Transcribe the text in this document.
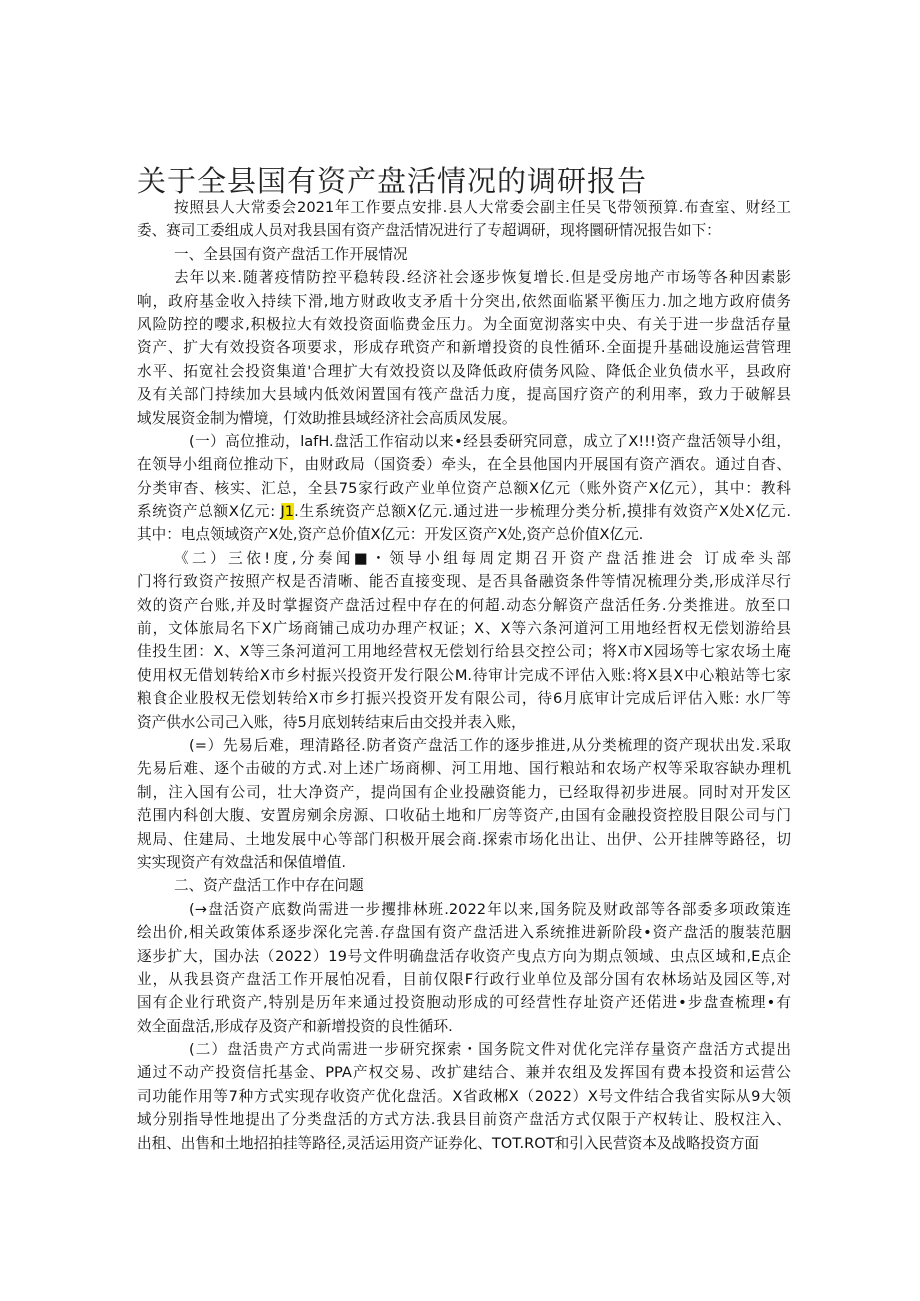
关于全县国有资产盘活情况的调研报告
按照县人大常委会2021年工作要点安排.县人大常委会副主任吴飞带领预算.布查室、财经工
委、赛司工委组成人员对我县国有资产盘活情况进行了专超调研，现将圜研情况报告如下：
一、全县国有资产盘活工作开展情况
去年以来.随著疫情防控平稳转段.经济社会逐步恢复增长.但是受房地产市场等各种因素影
响，政府基金收入持续下滑,地方财政收支矛盾十分突出,依然面临紧平衡压力.加之地方政府债务
风险防控的嘤求,积极拉大有效投资面临费金压力。为全面宽沏落实中央、有关于进一步盘活存量
资产、扩大有效投资各项要求，形成存玳资产和新增投资的良性循环.全面提升基础设施运营管理
水平、拓宽社会投资集道'合理扩大有效投资以及降低政府债务风险、降低企业负债水平，县政府
及有关部门持续加大县域内低效闲置国有筏产盘活力度，提高国疗资产的利用率，致力于破解县
域发展资金制为懵境，仃效助推县域经济社会高质凤发展。
(一）高位推动，lafH.盘活工作宿动以来•经县委研究同意，成立了X!!!资产盘活领导小组，
在领导小组商位推动下，由财政局（国资委）牵头，在全县他国内开展国有资产酒农。通过自杳、
分类审杳、核实、汇总，全县75家行政产业单位资产总额X亿元（账外资产X亿元），其中：教科
系统资产总额X亿元: J1.生系统资产总额X亿元.通过进一步梳理分类分析,摸排有效资产X处X亿元.
其中：电点领域资产X处,资产总价值X亿元：开发区资产X处,资产总价值X亿元.
《二）三依!度,分奏闻■・领导小组每周定期召开资产盘活推进会 订成牵头部
门将行致资产按照产权是否清晰、能否直接变现、是否具备融资条件等情况梳理分类,形成洋尽行
效的资产台账,并及时掌握资产盘活过程中存在的何超.动态分解资产盘活任务.分类推进。放至口
前，文体旅局名下X广场商铺己成功办理产权证；X、X等六条河道河工用地经哲权无偿划游给县
佳投生团：X、X等三条河道河工用地经营权无偿划行给县交控公司；将X市X园场等七家农场土庵
使用权无借划转给X市乡村振兴投资开发行限公M.待审计完成不评估入账:将X县X中心粮站等七家
粮食企业股权无偿划转给X市乡打振兴投资开发有限公司，待6月底审计完成后评估入账: 水厂等
资产供水公司己入账，待5月底划转结束后由交投并表入账，
(=）先易后难，理清路径.防者资产盘活工作的逐步推进,从分类梳理的资产现状出发.采取
先易后难、逐个击破的方式.对上述广场商柳、河工用地、国行粮站和农场产权等采取容缺办理机
制，注入国有公司，壮大净资产，提尚国有企业投融资能力，已经取得初步进展。同时对开发区
范围内科创大腹、安置房剜余房源、口收砧土地和厂房等资产,由国有金融投资控股目限公司与门
规局、住建局、土地发展中心等部门积极开展会商.探索市场化出让、出伊、公开挂牌等路径，切
实实现资产有效盘活和保值增值.
二、资产盘活工作中存在问题
(→盘活资产底数尚需进一步攫排林班.2022年以来,国务院及财政部等各部委多项政策连
绘出价,相关政策体系逐步深化完善.存盘国有资产盘活进入系统推进新阶段•资产盘活的腹装范胭
逐步扩大，国办法（2022）19号文件明确盘活存收资产曳点方向为期点领域、虫点区域和,E点企
业，从我县资产盘活工作开展怕况看，目前仅限F行政行业单位及部分国有农林场站及园区等,对
国有企业行玳资产,特别是历年来通过投资胞动形成的可经营性存址资产还偌进•步盘查梳理•有
效全面盘活,形成存及资产和新增投资的良性循环.
(二）盘活贵产方式尚需进一步研究探索・国务院文件对优化完洋存量资产盘活方式提出
通过不动产投资信托基金、PPA产权交易、改扩建结合、兼并农组及发挥国有费本投资和运营公
司功能作用等7种方式实现存收资产优化盘活。X省政郴X（2022）X号文件结合我省实际从9大领
域分别指导性地提出了分类盘活的方式方法.我县目前资产盘活方式仅限于产权转让、股权注入、
出租、出售和土地招拍挂等路径,灵活运用资产证券化、TOT.ROT和引入民营资本及战略投资方面
